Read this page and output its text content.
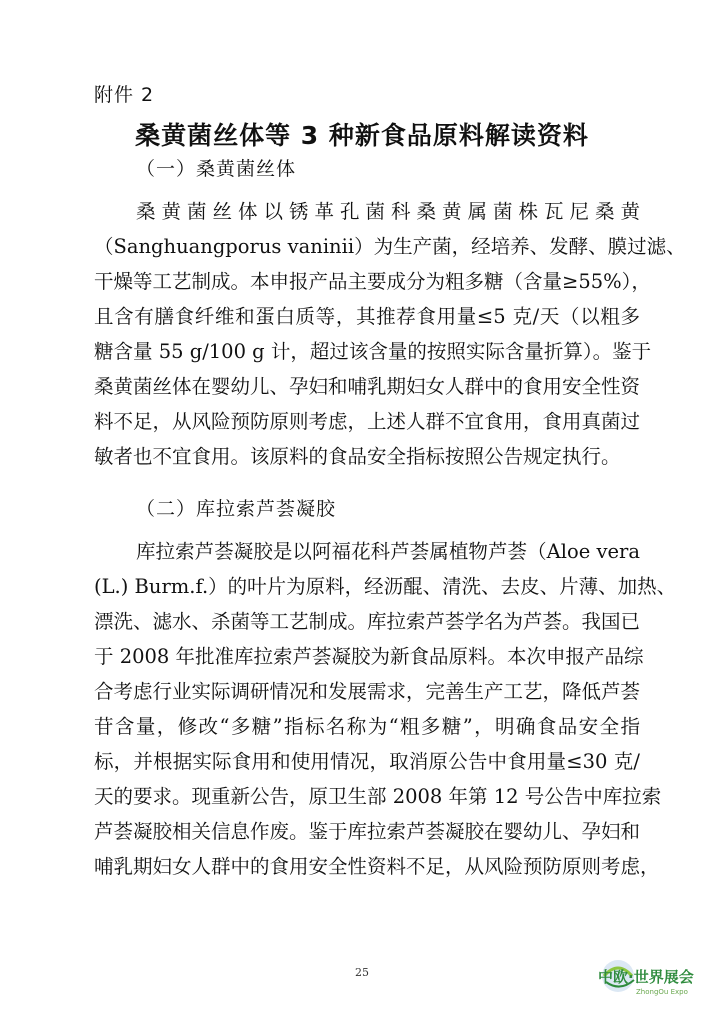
附件 2
桑黄菌丝体等 3 种新食品原料解读资料
（一）桑黄菌丝体
桑黄菌丝体以锈革孔菌科桑黄属菌株瓦尼桑黄
（Sanghuangporus vaninii）为生产菌，经培养、发酵、膜过滤、
干燥等工艺制成。本申报产品主要成分为粗多糖（含量≥55%），
且含有膳食纤维和蛋白质等，其推荐食用量≤5 克/天（以粗多
糖含量 55 g/100 g 计，超过该含量的按照实际含量折算）。鉴于
桑黄菌丝体在婴幼儿、孕妇和哺乳期妇女人群中的食用安全性资
料不足，从风险预防原则考虑，上述人群不宜食用，食用真菌过
敏者也不宜食用。该原料的食品安全指标按照公告规定执行。
（二）库拉索芦荟凝胶
库拉索芦荟凝胶是以阿福花科芦荟属植物芦荟（Aloe vera
(L.) Burm.f.）的叶片为原料，经沥醌、清洗、去皮、片薄、加热、
漂洗、滤水、杀菌等工艺制成。库拉索芦荟学名为芦荟。我国已
于 2008 年批准库拉索芦荟凝胶为新食品原料。本次申报产品综
合考虑行业实际调研情况和发展需求，完善生产工艺，降低芦荟
苷含量，修改“多糖”指标名称为“粗多糖”，明确食品安全指
标，并根据实际食用和使用情况，取消原公告中食用量≤30 克/
天的要求。现重新公告，原卫生部 2008 年第 12 号公告中库拉索
芦荟凝胶相关信息作废。鉴于库拉索芦荟凝胶在婴幼儿、孕妇和
哺乳期妇女人群中的食用安全性资料不足，从风险预防原则考虑，
25	中欧·世界展会
ZhongOu Expo
